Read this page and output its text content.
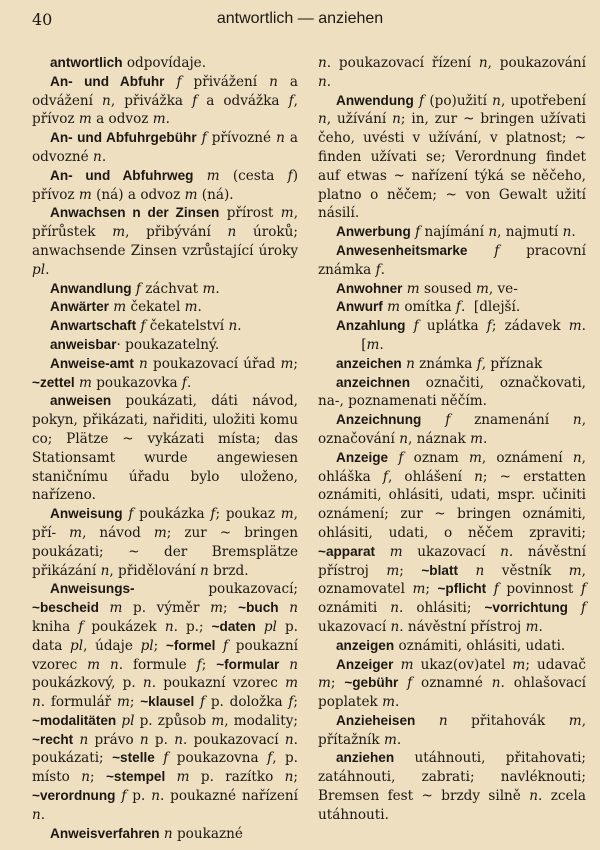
40	antwortlich — anziehen

antwortlich odpovídaje.

An- und Abfuhr f přivážení n a odvážení n, přivážka f a odvážka f, přívoz m a odvoz m.

An- und Abfuhrgebühr f přívozné n a odvozné n.

An- und Abfuhrweg m (cesta f) přívoz m (ná) a odvoz m (ná).

Anwachsen n der Zinsen přírost m, přírůstek m, přibývání n úroků; anwachsende Zinsen vzrůstající úroky pl.

Anwandlung f záchvat m.

Anwärter m čekatel m.

Anwartschaft f čekatelství n.

anweisbar· poukazatelný.

Anweise-amt n poukazovací úřad m; ~zettel m poukazovka f.

anweisen poukázati, dáti návod, pokyn, přikázati, nařiditi, uložiti komu co; Plätze ~ vykázati místa; das Stationsamt wurde angewiesen staničnímu úřadu bylo uloženo, nařízeno.

Anweisung f poukázka f; poukaz m, pří- m, návod m; zur ~ bringen poukázati; ~ der Bremsplätze přikázání n, přidělování n brzd.

Anweisungs- poukazovací; ~bescheid m p. výměr m; ~buch n kniha f poukázek n. p.; ~daten pl p. data pl, údaje pl; ~formel f poukazní vzorec m n. formule f; ~formular n poukázkový, p. n. poukazní vzorec m n. formulář m; ~klausel f p. doložka f; ~modalitäten pl p. způsob m, modality; ~recht n právo n p. n. poukazovací n. poukázati; ~stelle f poukazovna f, p. místo n; ~stempel m p. razítko n; ~verordnung f p. n. poukazné nařízení n.

Anweisverfahren n poukazné

n. poukazovací řízení n, poukazování n.

Anwendung f (po)užití n, upotřebení n, užívání n; in, zur ~ bringen užívati čeho, uvésti v užívání, v platnost; ~ finden užívati se; Verordnung findet auf etwas ~ nařízení týká se něčeho, platno o něčem; ~ von Gewalt užití násilí.

Anwerbung f najímání n, najmutí n.

Anwesenheitsmarke f pracovní známka f.

Anwohner m soused m, ve-

Anwurf m omítka f.  [dlejší.

Anzahlung f uplátka f; zádavek m.           [m.

anzeichen n známka f, příznak

anzeichnen označiti, označkovati, na-, poznamenati něčím.

Anzeichnung f znamenání n, označování n, náznak m.

Anzeige f oznam m, oznámení n, ohláška f, ohlášení n; ~ erstatten oznámiti, ohlásiti, udati, mspr. učiniti oznámení; zur ~ bringen oznámiti, ohlásiti, udati, o něčem zpraviti; ~apparat m ukazovací n. návěstní přístroj m; ~blatt n věstník m, oznamovatel m; ~pflicht f povinnost f oznámiti n. ohlásiti; ~vorrichtung f ukazovací n. návěstní přístroj m.

anzeigen oznámiti, ohlásiti, udati.

Anzeiger m ukaz(ov)atel m; udavač m; ~gebühr f oznamné n. ohlašovací poplatek m.

Anzieheisen n přitahovák m, přítažník m.

anziehen utáhnouti, přitahovati; zatáhnouti, zabrati; navléknouti; Bremsen fest ~ brzdy silně n. zcela utáhnouti.
